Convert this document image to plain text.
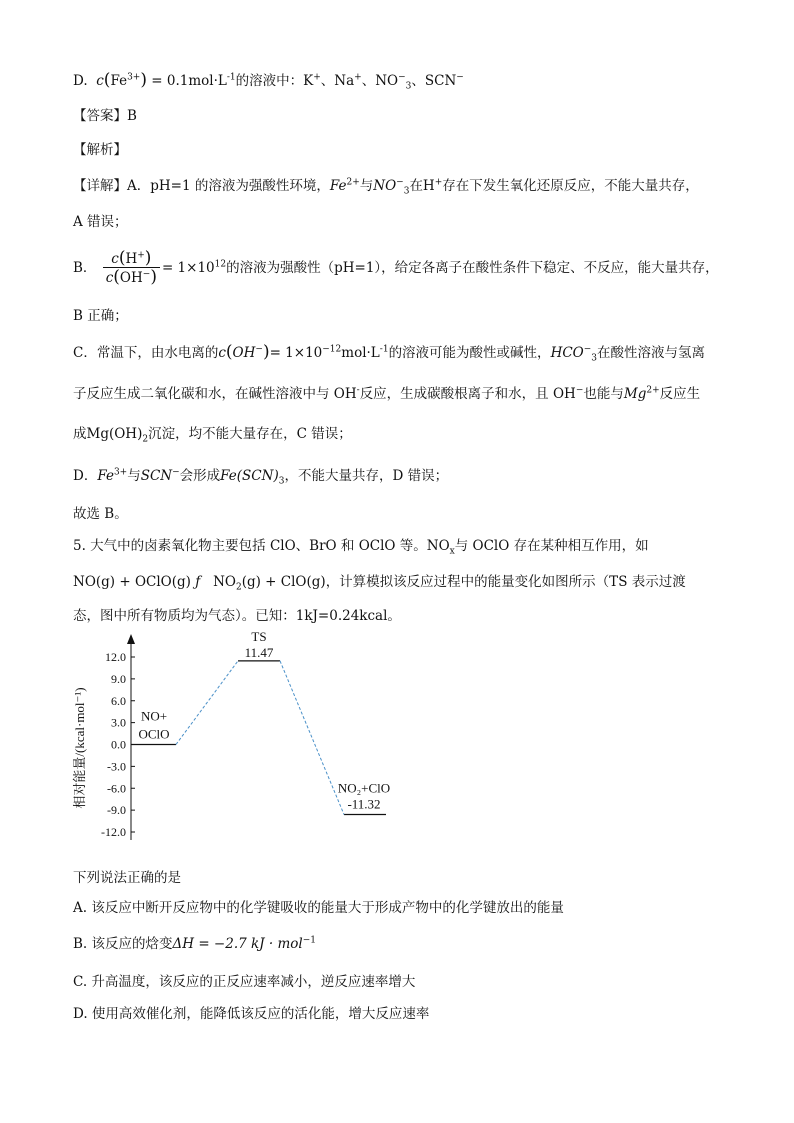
D. $c(Fe^{3+}) = 0.1mol\cdot L^{-1}$的溶液中：K+、Na+、$NO^-_3$、SCN−
【答案】B
【解析】
【详解】A．pH=1 的溶液为强酸性环境，$Fe^{2+}$与$NO^-_3$在H+存在下发生氧化还原反应，不能大量共存，
A 错误；
B． $\frac{c(H^+)}{c(OH^-)} = 1\times 10^{12}$的溶液为强酸性（pH=1），给定各离子在酸性条件下稳定、不反应，能大量共存，
B 正确；
C．常温下，由水电离的$c(OH^-)= 1\times 10^{-12}mol\cdot L^{-1}$的溶液可能为酸性或碱性，$HCO^-_3$在酸性溶液与氢离
子反应生成二氧化碳和水，在碱性溶液中与 OH-反应，生成碳酸根离子和水，且 OH−也能与$Mg^{2+}$反应生
成$Mg(OH)_2$沉淀，均不能大量存在，C 错误；
D．$Fe^{3+}$与SCN−会形成$Fe(SCN)_3$，不能大量共存，D 错误；
故选 B。
5. 大气中的卤素氧化物主要包括 ClO、BrO 和 OClO 等。$NO_x$与 OClO 存在某种相互作用，如
NO(g) + OClO(g) ƒ $NO_2(g) + ClO(g)$，计算模拟该反应过程中的能量变化如图所示（TS 表示过渡
态，图中所有物质均为气态）。已知：1kJ=0.24kcal。
12.0
9.0
6.0
3.0
0.0
-3.0
-6.0
-9.0
-12.0
NO+
OClO
TS
11.47
NO₂+ClO
-11.32
相对能量/(kcal·mol⁻¹)
下列说法正确的是
A. 该反应中断开反应物中的化学键吸收的能量大于形成产物中的化学键放出的能量
B. 该反应的焓变ΔH = −2.7 kJ · mol$^{-1}$
C. 升高温度，该反应的正反应速率减小，逆反应速率增大
D. 使用高效催化剂，能降低该反应的活化能，增大反应速率
